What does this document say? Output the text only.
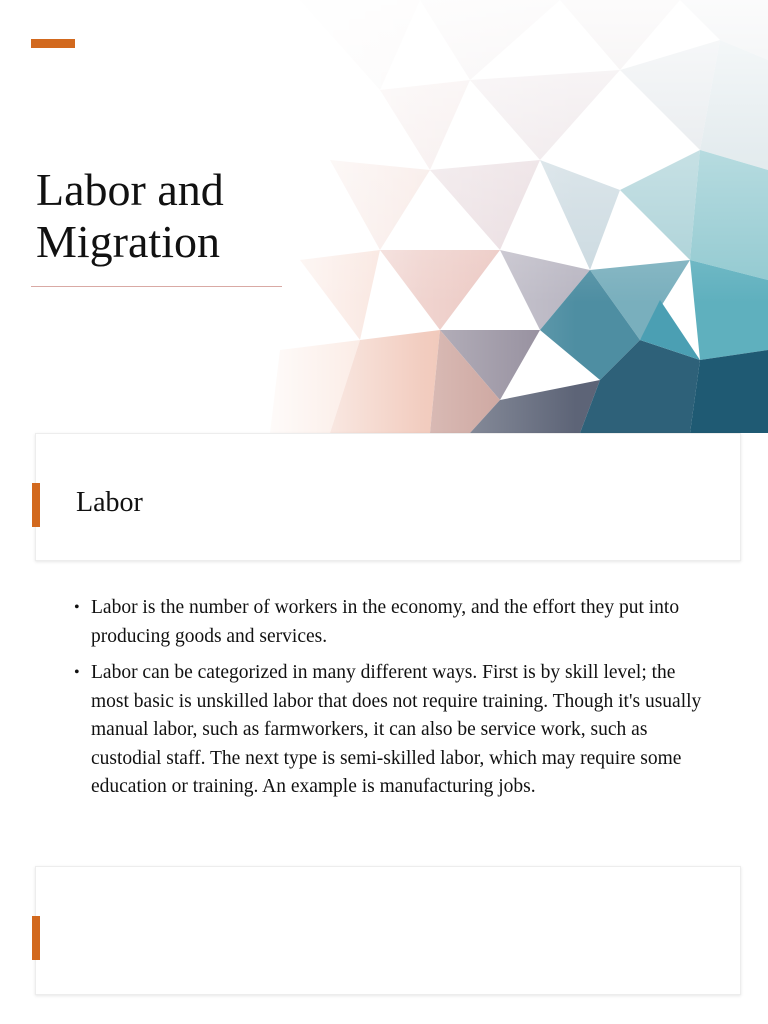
Labor and
Migration
Labor
• Labor is the number of workers in the economy, and the effort they put into producing goods and services.
• Labor can be categorized in many different ways. First is by skill level; the most basic is unskilled labor that does not require training. Though it's usually manual labor, such as farmworkers, it can also be service work, such as custodial staff. The next type is semi-skilled labor, which may require some education or training. An example is manufacturing jobs.
